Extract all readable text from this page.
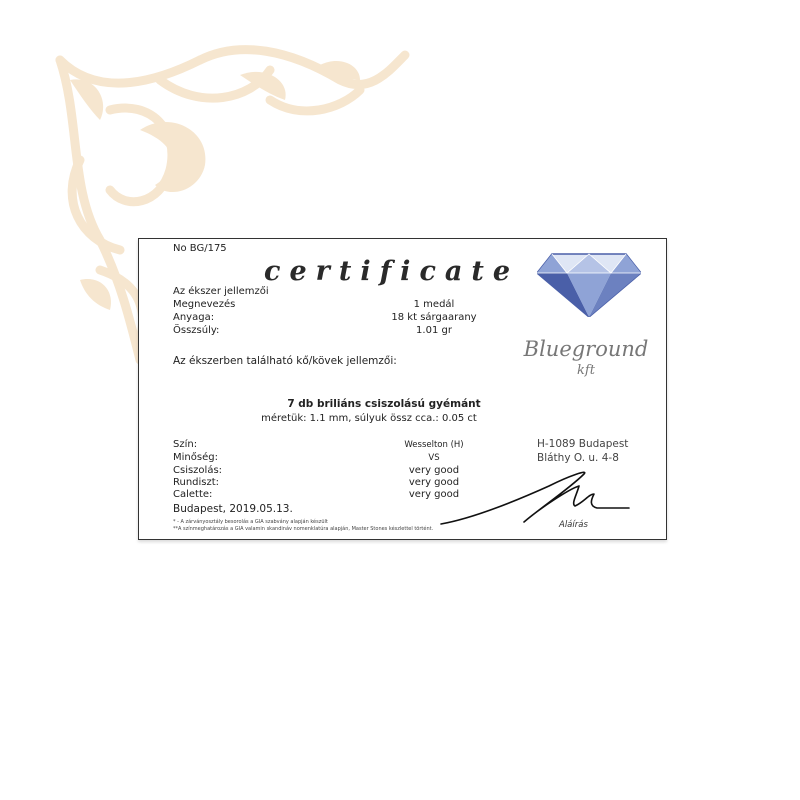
No BG/175
certificate
Az ékszer jellemzői
Megnevezés	1 medál
Anyaga:	18 kt sárgaarany
Összsúly:	1.01 gr
Blueground
kft
Az ékszerben található kő/kövek jellemzői:
7 db briliáns csiszolású gyémánt
méretük: 1.1 mm, súlyuk össz cca.: 0.05 ct
Szín:	Wesselton (H)
Minőség:	VS
Csiszolás:	very good
Rundiszt:	very good
Calette:	very good
Budapest, 2019.05.13.
* - A zárványosztály besorolás a GIA szabvány alapján készült
**A színmeghatározás a GIA valamin skandináv nomenklatúra alapján, Master Stones készlettel történt.
H-1089 Budapest
Bláthy O. u. 4-8
Aláírás
